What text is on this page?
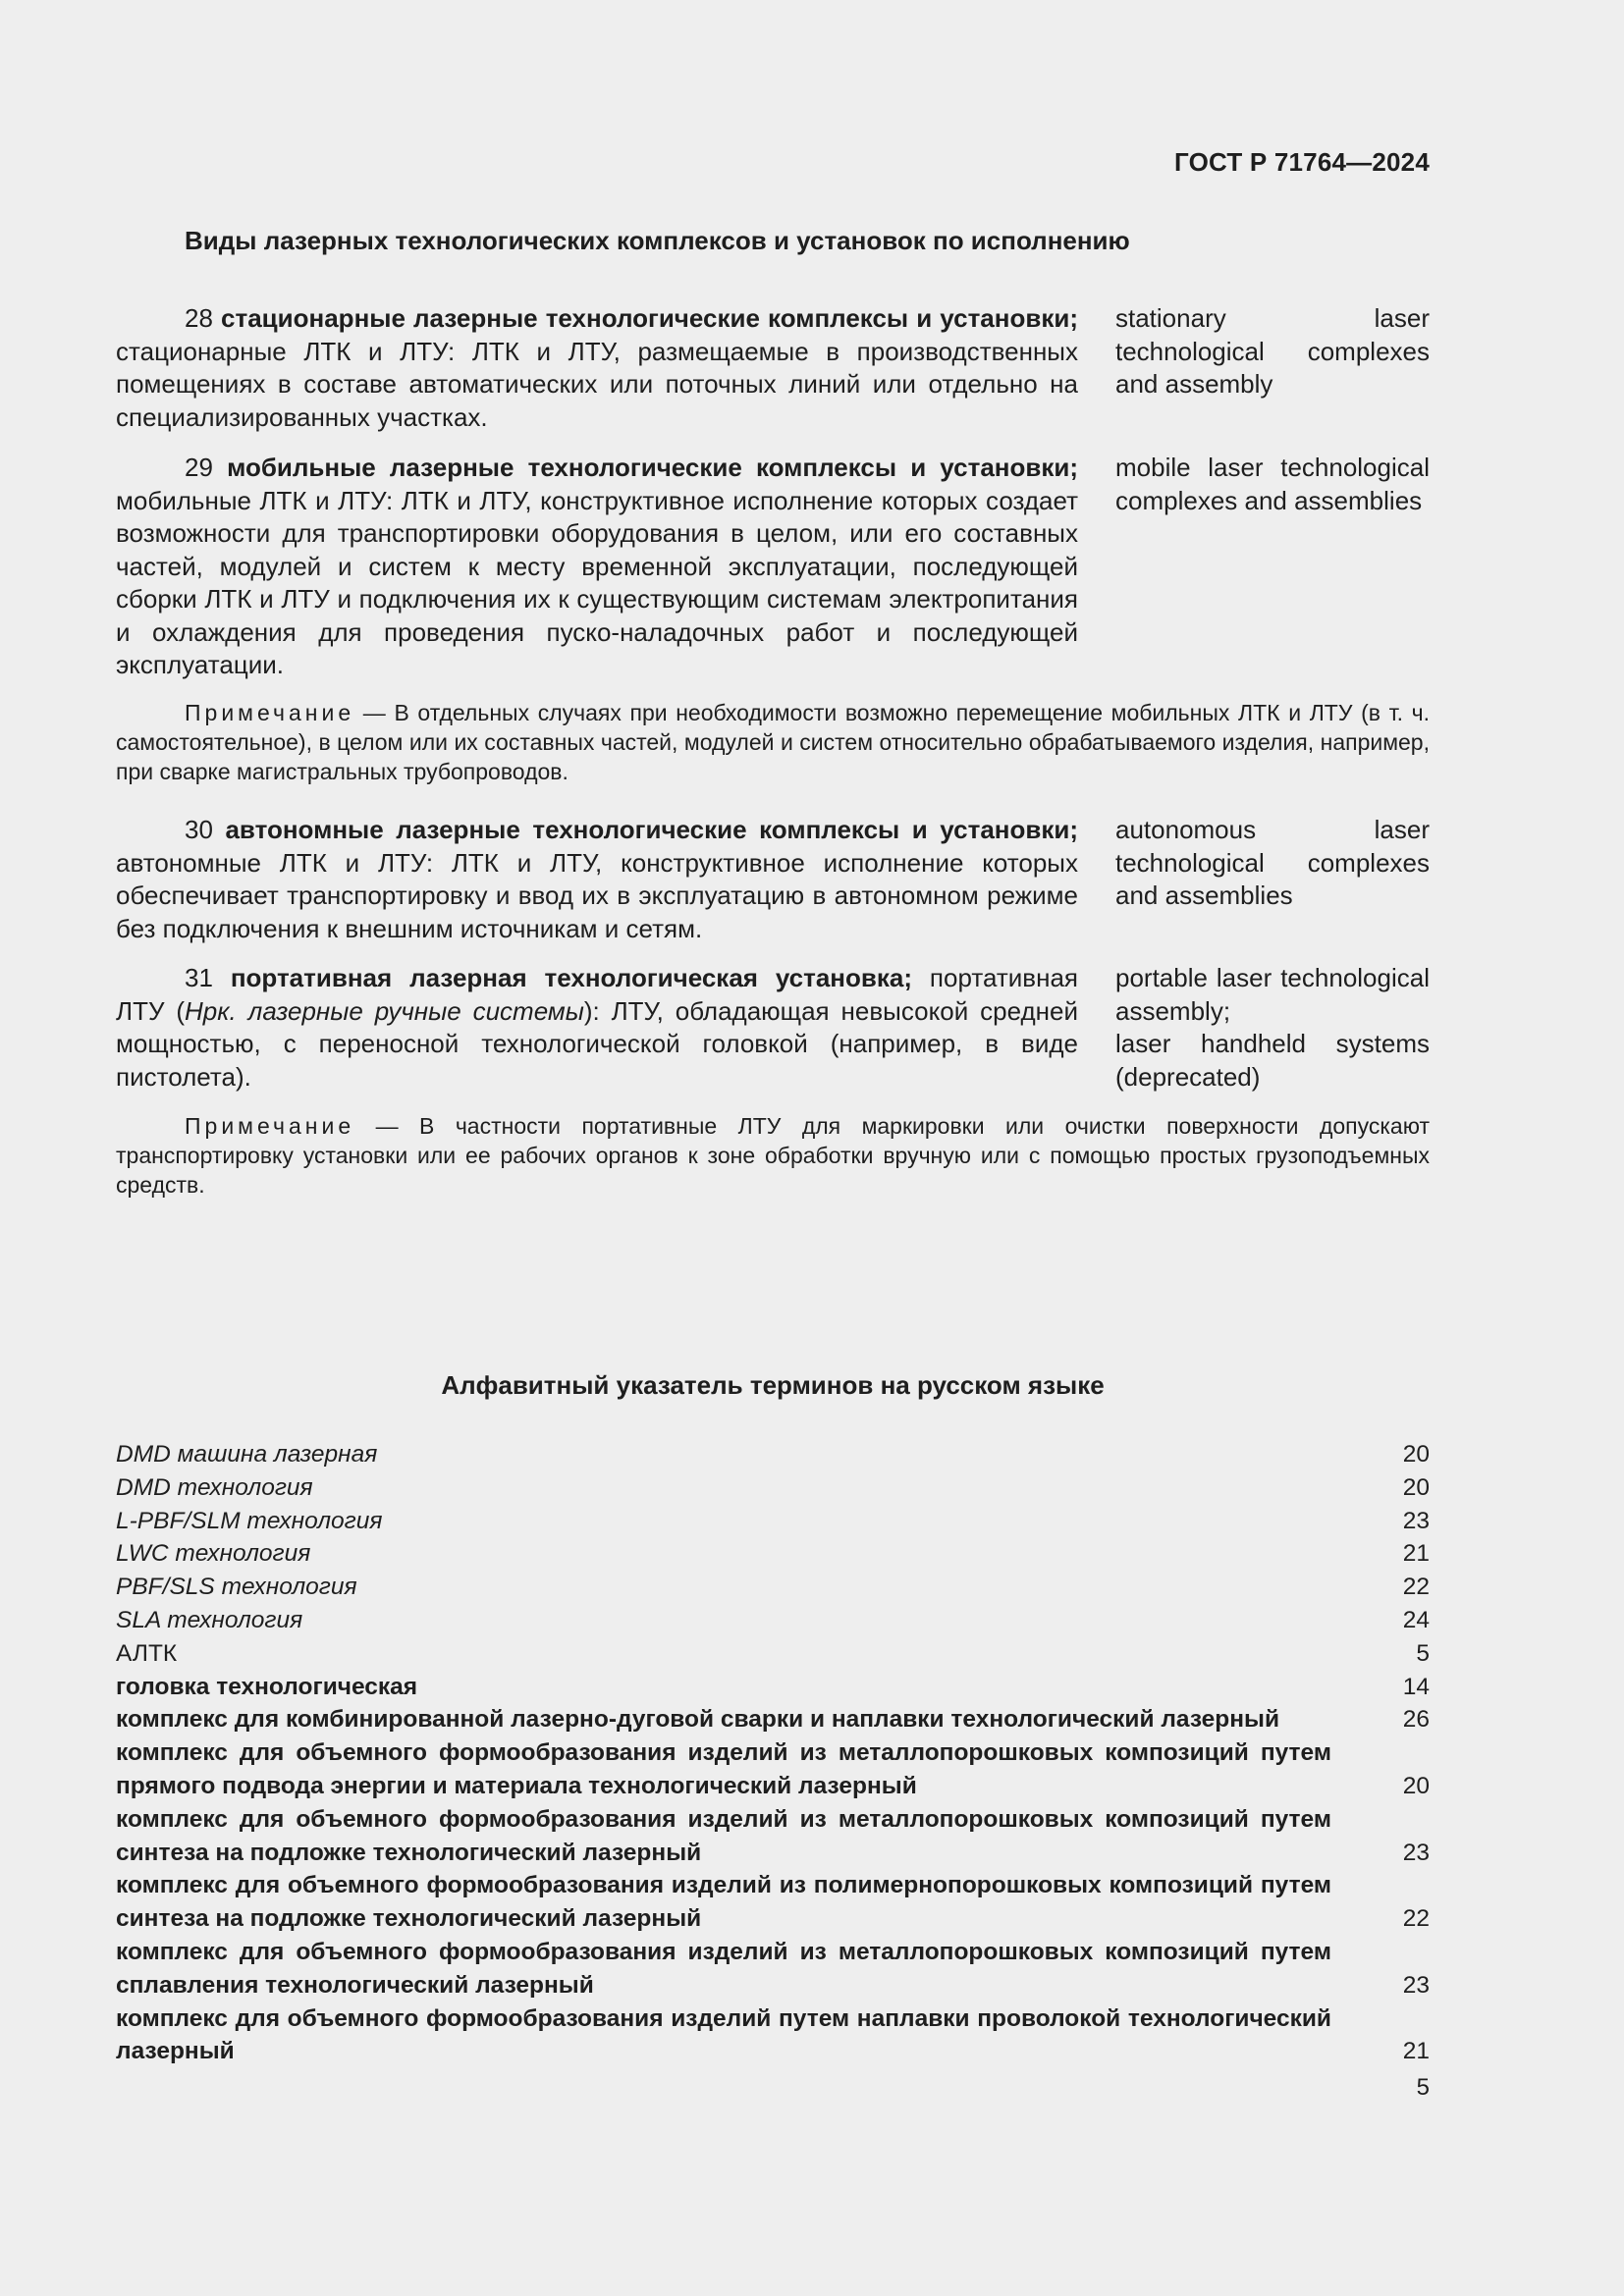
ГОСТ Р 71764—2024
Виды лазерных технологических комплексов и установок по исполнению
28 стационарные лазерные технологические комплексы и установки; стационарные ЛТК и ЛТУ: ЛТК и ЛТУ, размещаемые в производственных помещениях в составе автоматических или поточных линий или отдельно на специализированных участках.
stationary laser technological complexes and assembly
29 мобильные лазерные технологические комплексы и установки; мобильные ЛТК и ЛТУ: ЛТК и ЛТУ, конструктивное исполнение которых создает возможности для транспортировки оборудования в целом, или его составных частей, модулей и систем к месту временной эксплуатации, последующей сборки ЛТК и ЛТУ и подключения их к существующим системам электропитания и охлаждения для проведения пуско-наладочных работ и последующей эксплуатации.
mobile laser technological complexes and assemblies
Примечание — В отдельных случаях при необходимости возможно перемещение мобильных ЛТК и ЛТУ (в т. ч. самостоятельное), в целом или их составных частей, модулей и систем относительно обрабатываемого изделия, например, при сварке магистральных трубопроводов.
30 автономные лазерные технологические комплексы и установки; автономные ЛТК и ЛТУ: ЛТК и ЛТУ, конструктивное исполнение которых обеспечивает транспортировку и ввод их в эксплуатацию в автономном режиме без подключения к внешним источникам и сетям.
autonomous laser technological complexes and assemblies
31 портативная лазерная технологическая установка; портативная ЛТУ (Нрк. лазерные ручные системы): ЛТУ, обладающая невысокой средней мощностью, с переносной технологической головкой (например, в виде пистолета).
portable laser technological assembly;
laser handheld systems (deprecated)
Примечание — В частности портативные ЛТУ для маркировки или очистки поверхности допускают транспортировку установки или ее рабочих органов к зоне обработки вручную или с помощью простых грузоподъемных средств.
Алфавитный указатель терминов на русском языке
DMD машина лазерная	20
DMD технология	20
L-PBF/SLM технология	23
LWC технология	21
PBF/SLS технология	22
SLA технология	24
АЛТК	5
головка технологическая	14
комплекс для комбинированной лазерно-дуговой сварки и наплавки технологический лазерный	26
комплекс для объемного формообразования изделий из металлопорошковых композиций путем прямого подвода энергии и материала технологический лазерный	20
комплекс для объемного формообразования изделий из металлопорошковых композиций путем синтеза на подложке технологический лазерный	23
комплекс для объемного формообразования изделий из полимернопорошковых композиций путем синтеза на подложке технологический лазерный	22
комплекс для объемного формообразования изделий из металлопорошковых композиций путем сплавления технологический лазерный	23
комплекс для объемного формообразования изделий путем наплавки проволокой технологический лазерный	21
5
